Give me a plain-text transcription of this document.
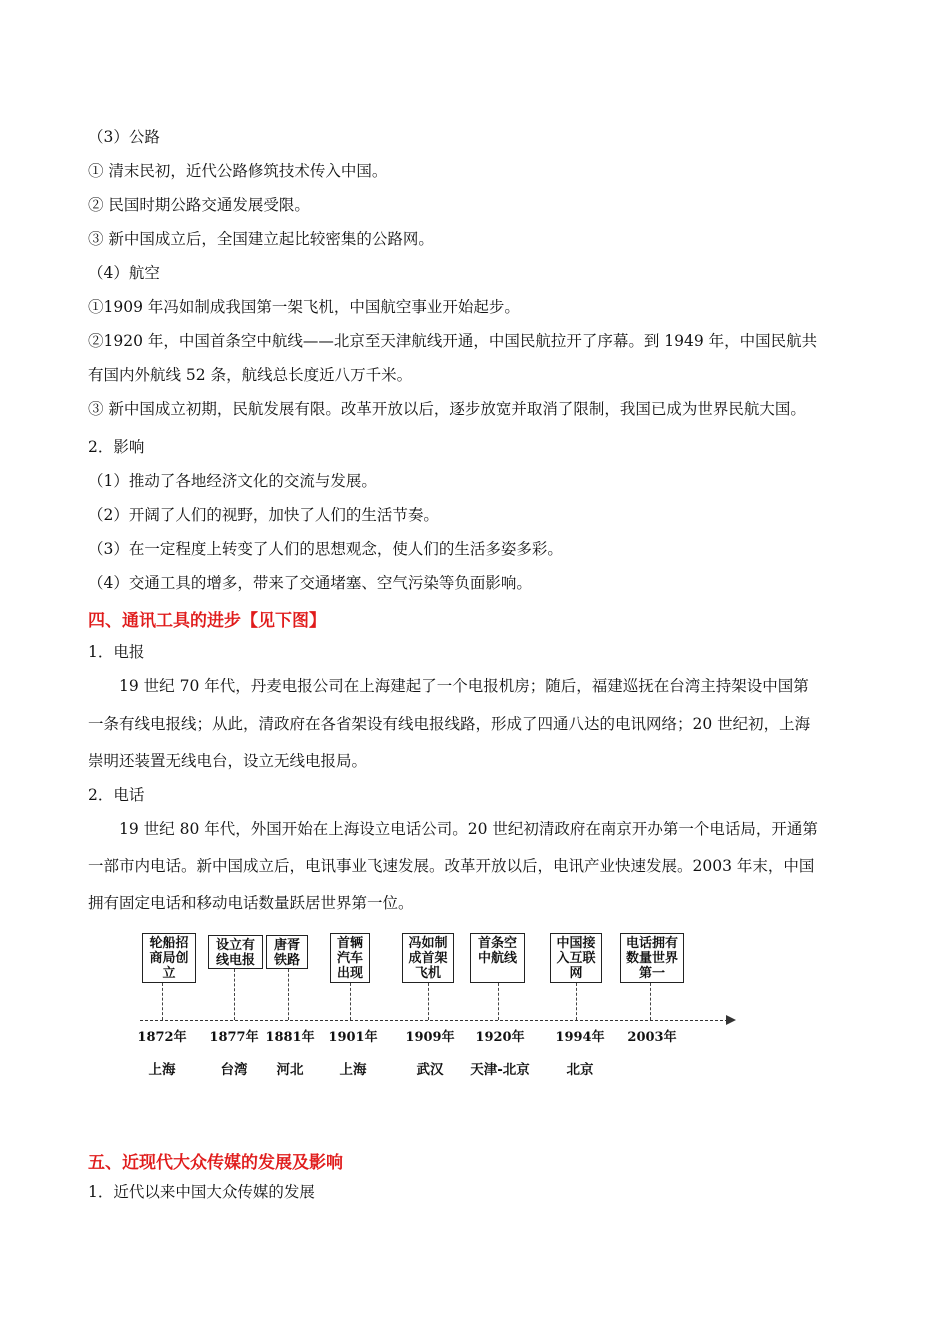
（3）公路
① 清末民初，近代公路修筑技术传入中国。
② 民国时期公路交通发展受限。
③ 新中国成立后，全国建立起比较密集的公路网。
（4）航空
①1909 年冯如制成我国第一架飞机，中国航空事业开始起步。
②1920 年，中国首条空中航线——北京至天津航线开通，中国民航拉开了序幕。到 1949 年，中国民航共
有国内外航线 52 条，航线总长度近八万千米。
③ 新中国成立初期，民航发展有限。改革开放以后，逐步放宽并取消了限制，我国已成为世界民航大国。
2．影响
（1）推动了各地经济文化的交流与发展。
（2）开阔了人们的视野，加快了人们的生活节奏。
（3）在一定程度上转变了人们的思想观念，使人们的生活多姿多彩。
（4）交通工具的增多，带来了交通堵塞、空气污染等负面影响。
四、通讯工具的进步【见下图】
1．电报
19 世纪 70 年代，丹麦电报公司在上海建起了一个电报机房；随后，福建巡抚在台湾主持架设中国第
一条有线电报线；从此，清政府在各省架设有线电报线路，形成了四通八达的电讯网络；20 世纪初，上海
崇明还装置无线电台，设立无线电报局。
2．电话
19 世纪 80 年代，外国开始在上海设立电话公司。20 世纪初清政府在南京开办第一个电话局，开通第
一部市内电话。新中国成立后，电讯事业飞速发展。改革开放以后，电讯产业快速发展。2003 年末，中国
拥有固定电话和移动电话数量跃居世界第一位。
轮船招商局创立
1872年
上海
设立有线电报
1877年
台湾
唐胥铁路
1881年
河北
首辆汽车出现
1901年
上海
冯如制成首架飞机
1909年
武汉
首条空中航线
1920年
天津-北京
中国接入互联网
1994年
北京
电话拥有数量世界第一
2003年
五、近现代大众传媒的发展及影响
1．近代以来中国大众传媒的发展
